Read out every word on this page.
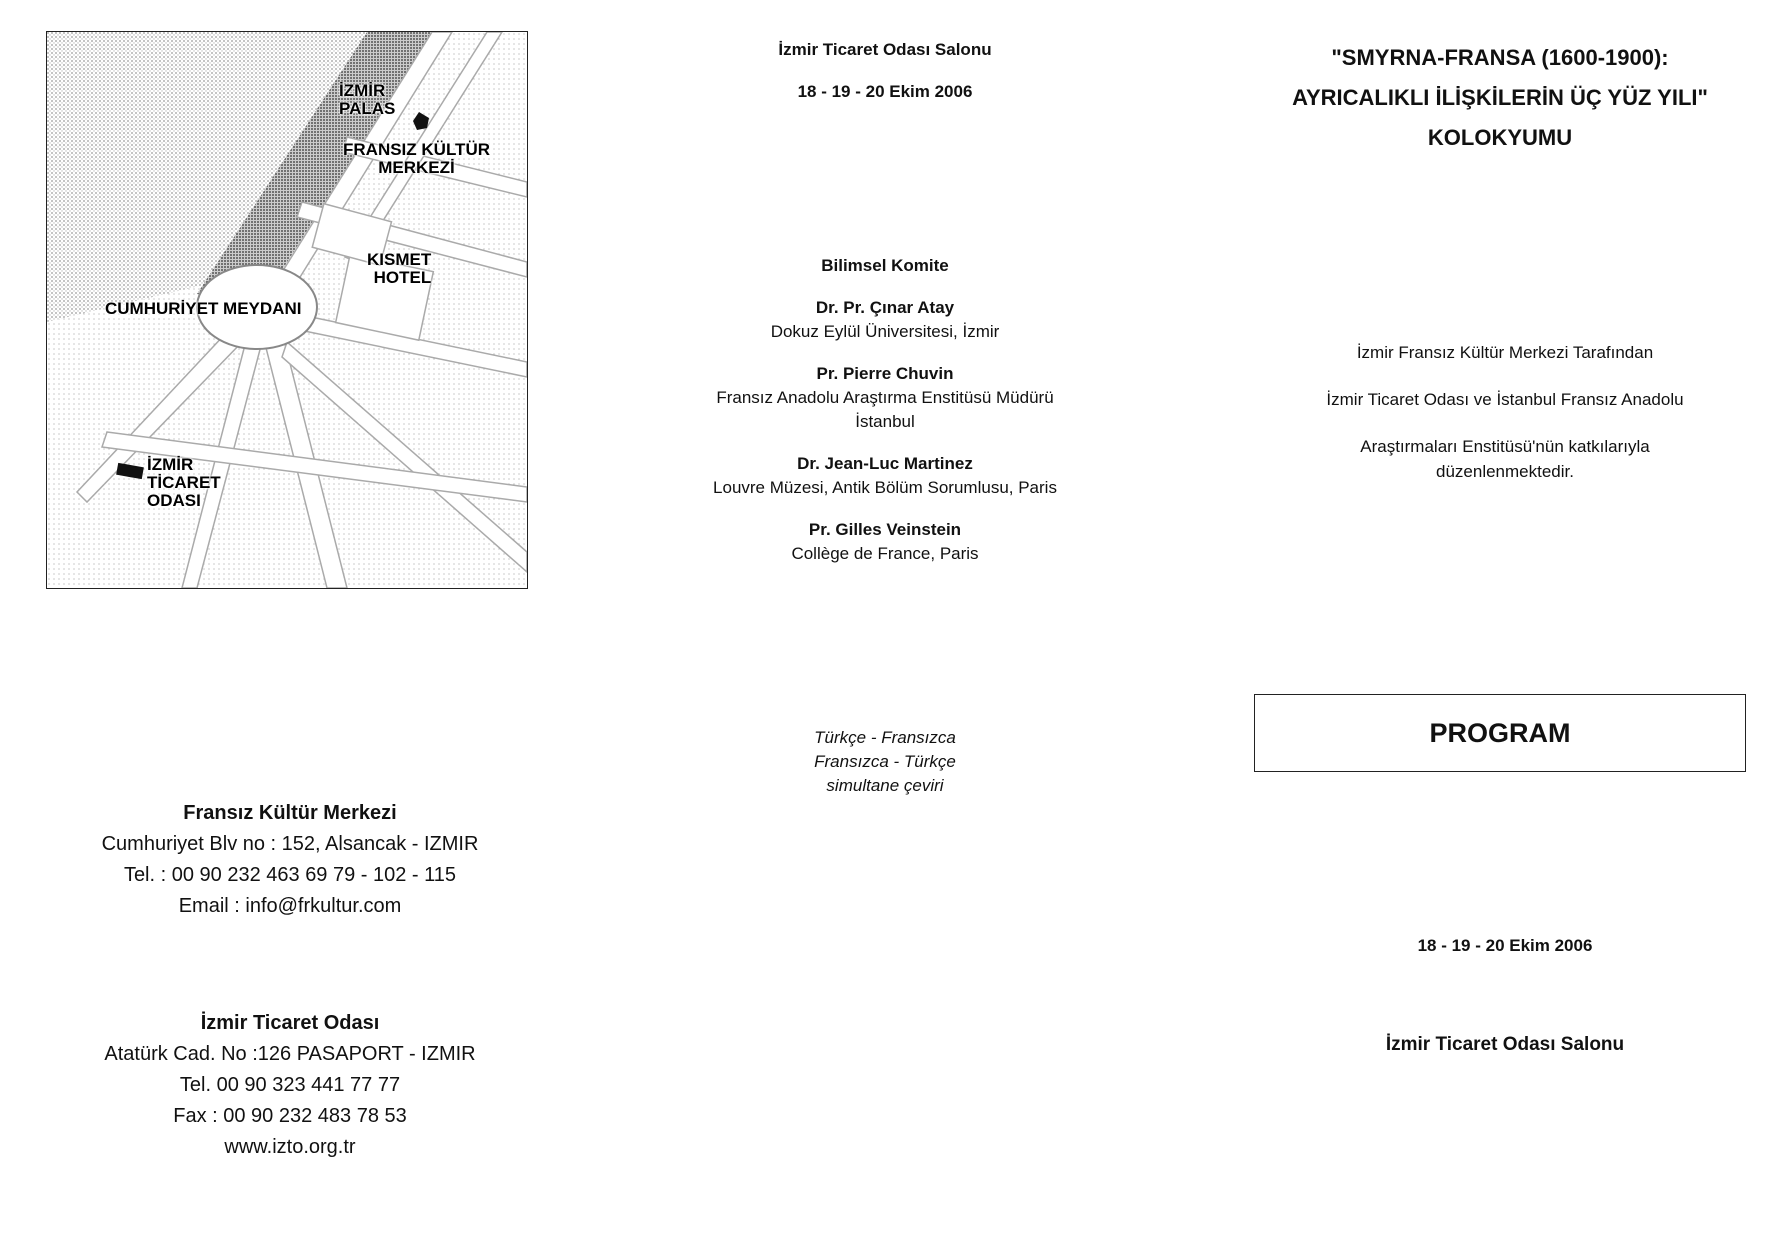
İZMİR
PALAS
FRANSIZ KÜLTÜR
MERKEZİ
KISMET
HOTEL
CUMHURİYET MEYDANI
İZMİR
TİCARET
ODASI
Fransız Kültür Merkezi
Cumhuriyet Blv no : 152, Alsancak - IZMIR
Tel. : 00 90 232 463 69 79 - 102 - 115
Email : info@frkultur.com
İzmir Ticaret Odası
Atatürk Cad. No :126 PASAPORT - IZMIR
Tel. 00 90 323 441 77 77
Fax : 00 90 232 483 78 53
www.izto.org.tr
İzmir Ticaret Odası Salonu
18 - 19 - 20 Ekim 2006
Bilimsel Komite
Dr. Pr. Çınar Atay
Dokuz Eylül Üniversitesi, İzmir
Pr. Pierre Chuvin
Fransız Anadolu Araştırma Enstitüsü Müdürü
İstanbul
Dr. Jean-Luc Martinez
Louvre Müzesi, Antik Bölüm Sorumlusu, Paris
Pr. Gilles Veinstein
Collège de France, Paris
Türkçe - Fransızca
Fransızca - Türkçe
simultane çeviri
"SMYRNA-FRANSA (1600-1900):
AYRICALIKLI İLİŞKİLERİN ÜÇ YÜZ YILI"
KOLOKYUMU
İzmir Fransız Kültür Merkezi Tarafından
İzmir Ticaret Odası ve İstanbul Fransız Anadolu
Araştırmaları Enstitüsü'nün katkılarıyla
düzenlenmektedir.
PROGRAM
18 - 19 - 20 Ekim 2006
İzmir Ticaret Odası Salonu
